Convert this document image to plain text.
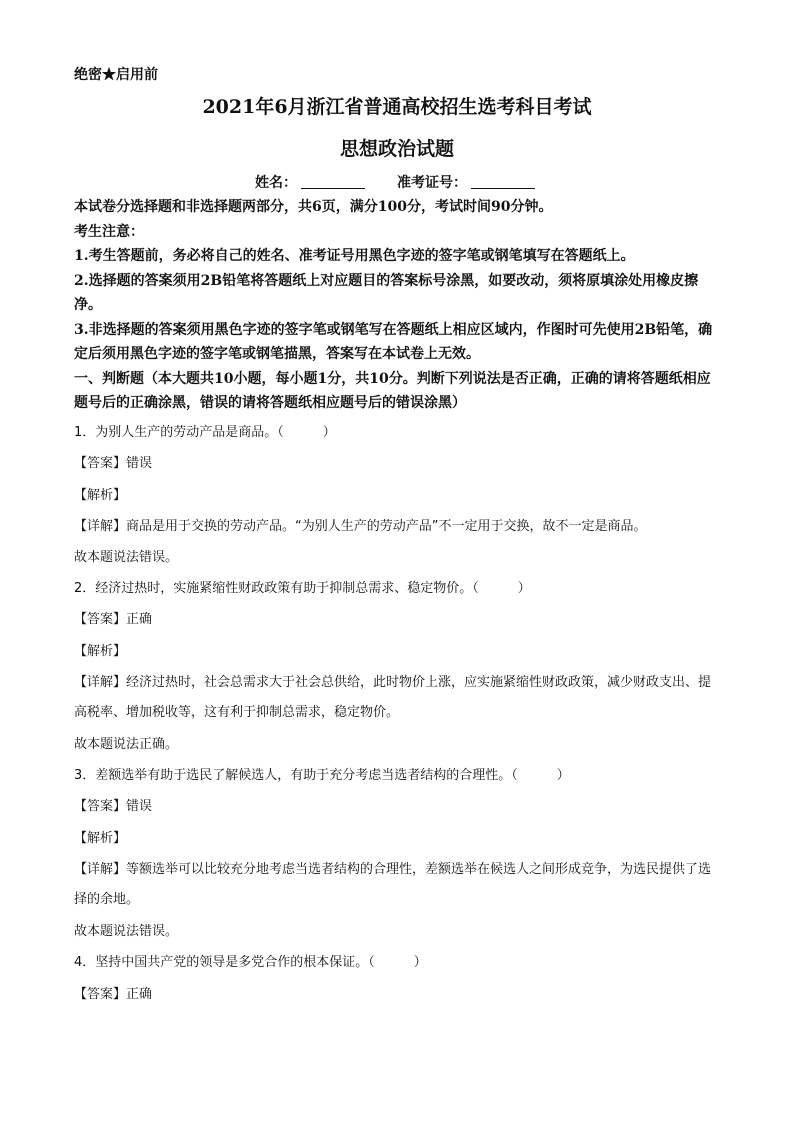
绝密★启用前
2021年6月浙江省普通高校招生选考科目考试
思想政治试题
姓名：	准考证号：
本试卷分选择题和非选择题两部分，共6页，满分100分，考试时间90分钟。
考生注意：
1.考生答题前，务必将自己的姓名、准考证号用黑色字迹的签字笔或钢笔填写在答题纸上。
2.选择题的答案须用2B铅笔将答题纸上对应题目的答案标号涂黑，如要改动，须将原填涂处用橡皮擦净。
3.非选择题的答案须用黑色字迹的签字笔或钢笔写在答题纸上相应区域内，作图时可先使用2B铅笔，确定后须用黑色字迹的签字笔或钢笔描黑，答案写在本试卷上无效。
一、判断题（本大题共10小题，每小题1分，共10分。判断下列说法是否正确，正确的请将答题纸相应题号后的正确涂黑，错误的请将答题纸相应题号后的错误涂黑）
1．为别人生产的劳动产品是商品。（　　　）
【答案】错误
【解析】
【详解】商品是用于交换的劳动产品。“为别人生产的劳动产品”不一定用于交换，故不一定是商品。
故本题说法错误。
2．经济过热时，实施紧缩性财政政策有助于抑制总需求、稳定物价。（　　　）
【答案】正确
【解析】
【详解】经济过热时，社会总需求大于社会总供给，此时物价上涨，应实施紧缩性财政政策，减少财政支出、提高税率、增加税收等，这有利于抑制总需求，稳定物价。
故本题说法正确。
3．差额选举有助于选民了解候选人，有助于充分考虑当选者结构的合理性。（　　　）
【答案】错误
【解析】
【详解】等额选举可以比较充分地考虑当选者结构的合理性，差额选举在候选人之间形成竞争，为选民提供了选择的余地。
故本题说法错误。
4．坚持中国共产党的领导是多党合作的根本保证。（　　　）
【答案】正确
